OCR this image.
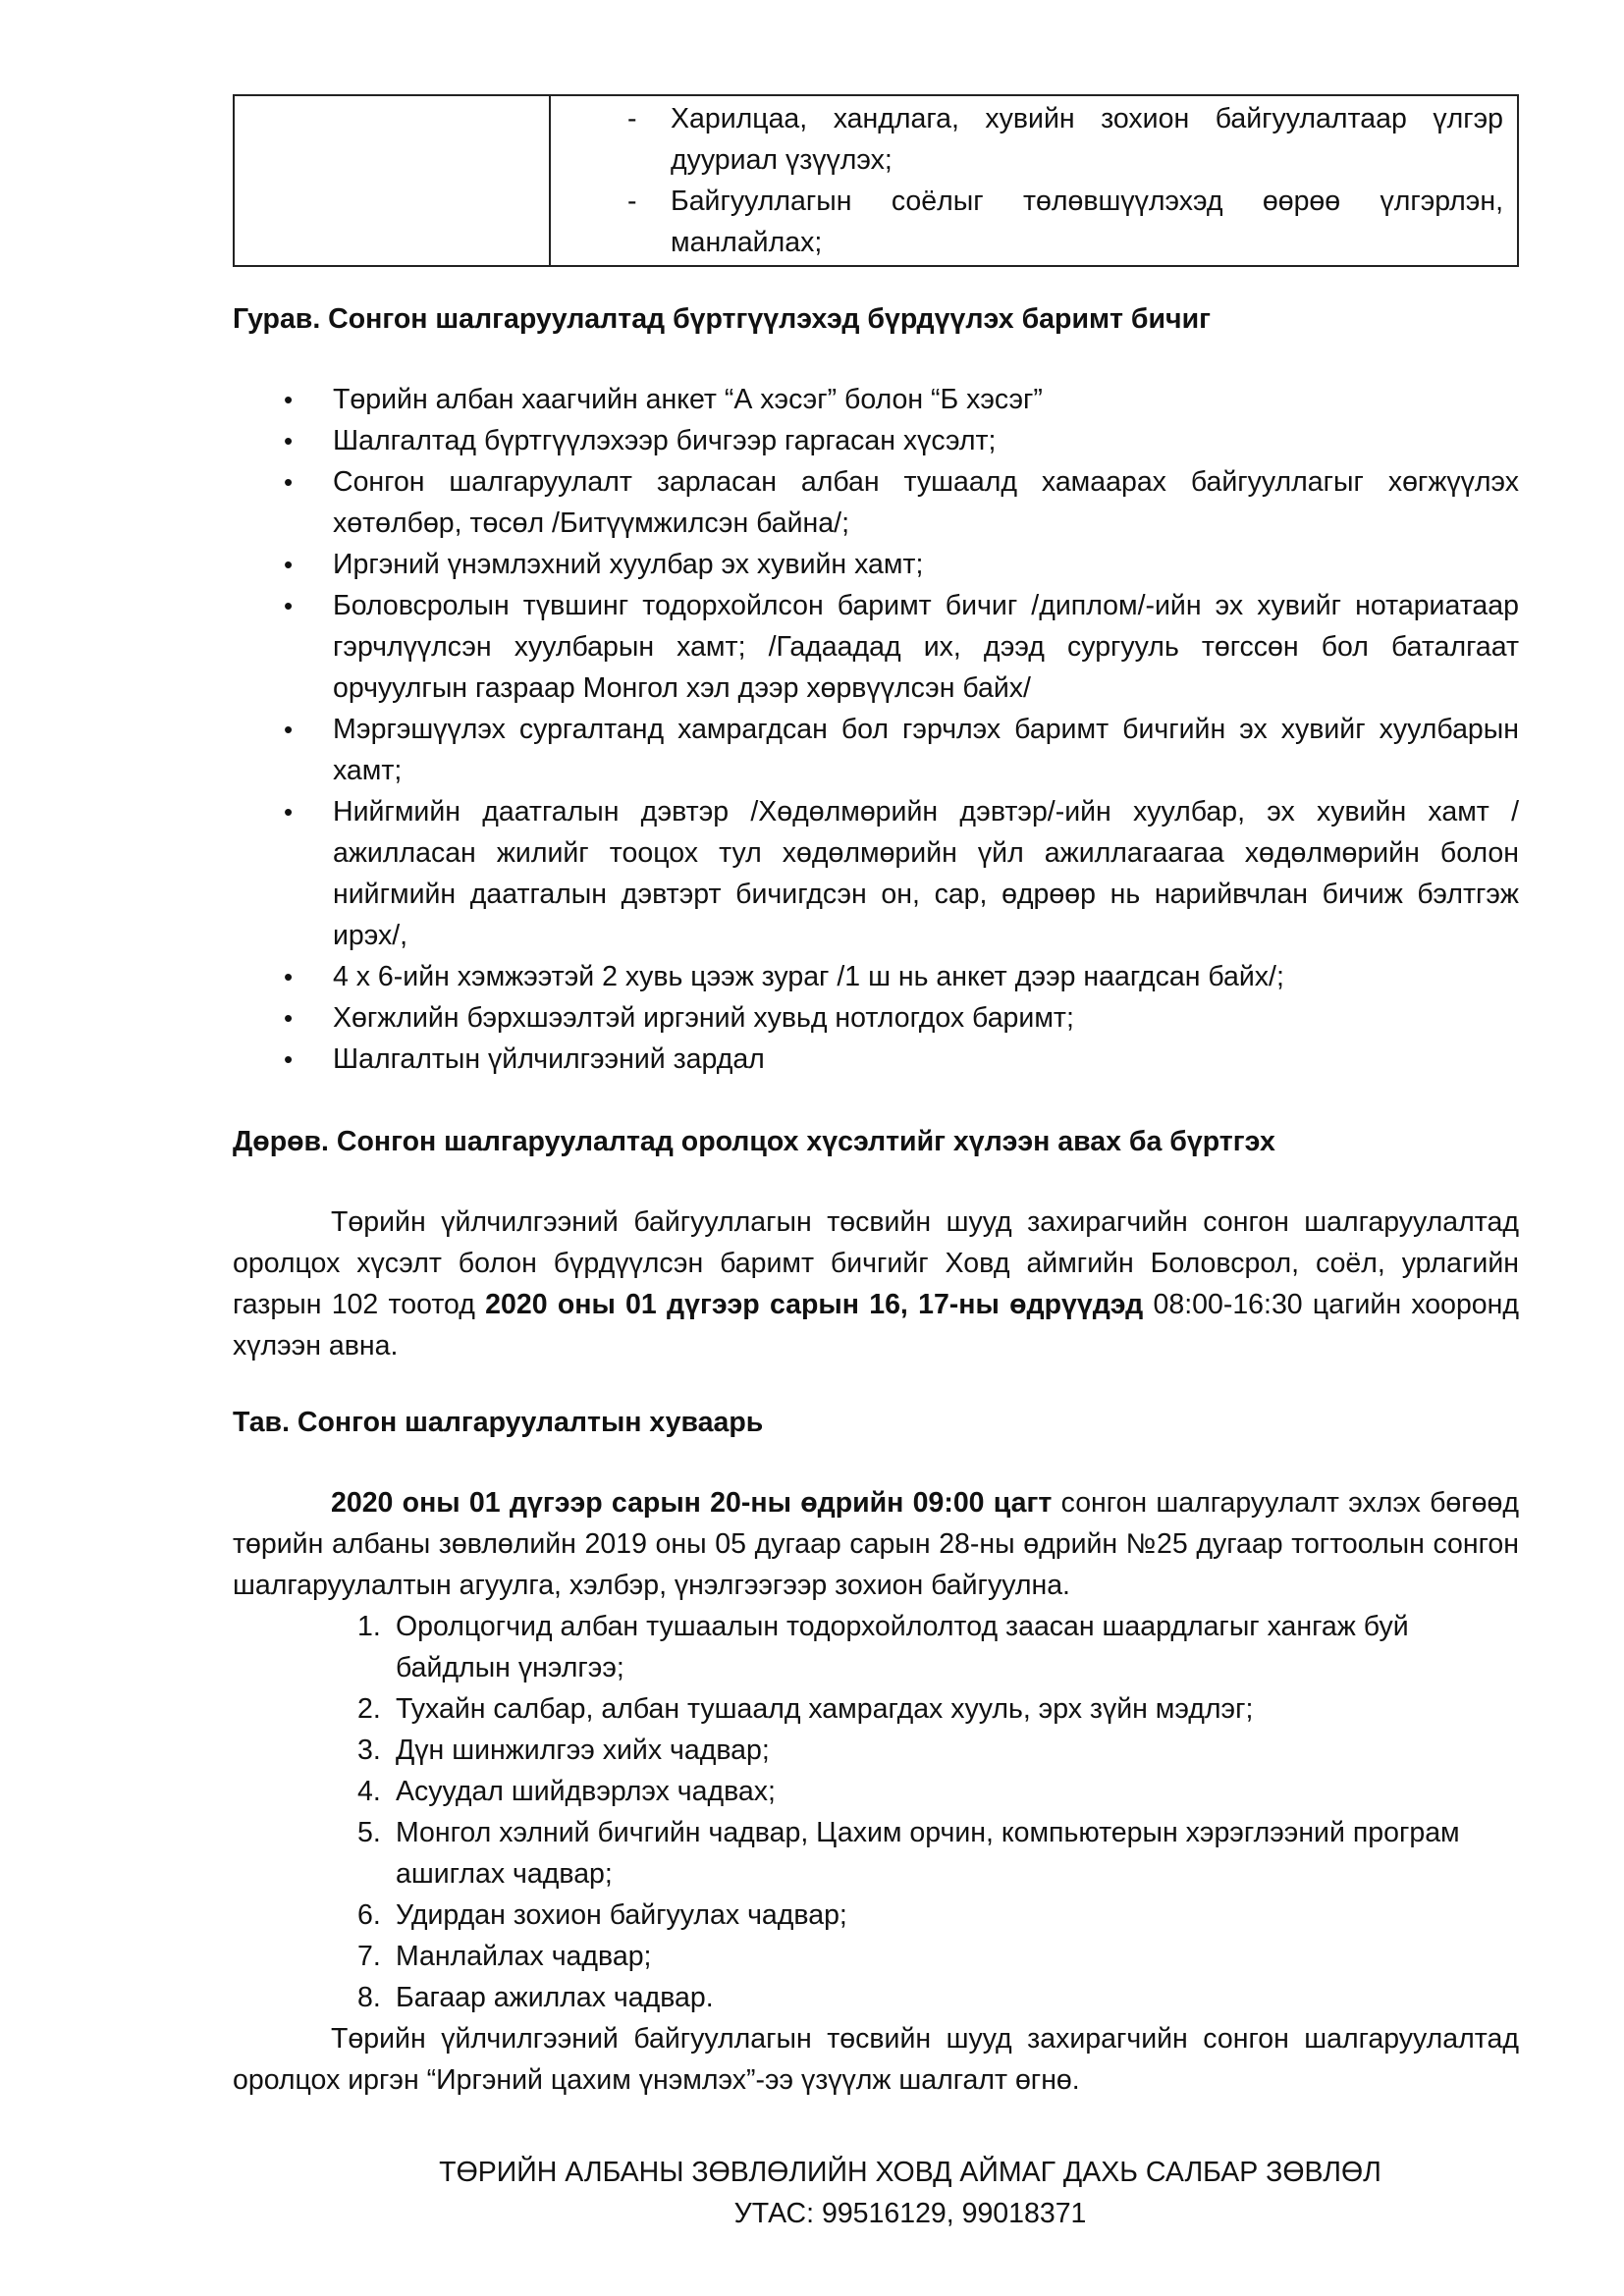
- Харилцаа, хандлага, хувийн зохион байгуулалтаар үлгэр дууриал үзүүлэх;
- Байгууллагын соёлыг төлөвшүүлэхэд өөрөө үлгэрлэн, манлайлах;
Гурав. Сонгон шалгаруулалтад бүртгүүлэхэд бүрдүүлэх баримт бичиг
• Төрийн албан хаагчийн анкет “А хэсэг” болон “Б хэсэг”
• Шалгалтад бүртгүүлэхээр бичгээр гаргасан хүсэлт;
• Сонгон шалгаруулалт зарласан албан тушаалд хамаарах байгууллагыг хөгжүүлэх хөтөлбөр, төсөл /Битүүмжилсэн байна/;
• Иргэний үнэмлэхний хуулбар эх хувийн хамт;
• Боловсролын түвшинг тодорхойлсон баримт бичиг /диплом/-ийн эх хувийг нотариатаар гэрчлүүлсэн хуулбарын хамт; /Гадаадад их, дээд сургууль төгссөн бол баталгаат орчуулгын газраар Монгол хэл дээр хөрвүүлсэн байх/
• Мэргэшүүлэх сургалтанд хамрагдсан бол гэрчлэх баримт бичгийн эх хувийг хуулбарын хамт;
• Нийгмийн даатгалын дэвтэр /Хөдөлмөрийн дэвтэр/-ийн хуулбар, эх хувийн хамт /ажилласан жилийг тооцох тул хөдөлмөрийн үйл ажиллагаагаа хөдөлмөрийн болон нийгмийн даатгалын дэвтэрт бичигдсэн он, сар, өдрөөр нь нарийвчлан бичиж бэлтгэж ирэх/,
• 4 х 6-ийн хэмжээтэй 2 хувь цээж зураг /1 ш нь анкет дээр наагдсан байх/;
• Хөгжлийн бэрхшээлтэй иргэний хувьд нотлогдох баримт;
• Шалгалтын үйлчилгээний зардал
Дөрөв. Сонгон шалгаруулалтад оролцох хүсэлтийг хүлээн авах ба бүртгэх

Төрийн үйлчилгээний байгууллагын төсвийн шууд захирагчийн сонгон шалгаруулалтад оролцох хүсэлт болон бүрдүүлсэн баримт бичгийг Ховд аймгийн Боловсрол, соёл, урлагийн газрын 102 тоотод 2020 оны 01 дүгээр сарын 16, 17-ны өдрүүдэд 08:00-16:30 цагийн хооронд хүлээн авна.

Тав. Сонгон шалгаруулалтын хуваарь

2020 оны 01 дүгээр сарын 20-ны өдрийн 09:00 цагт сонгон шалгаруулалт эхлэх бөгөөд төрийн албаны зөвлөлийн 2019 оны 05 дугаар сарын 28-ны өдрийн №25 дугаар тогтоолын сонгон шалгаруулалтын агуулга, хэлбэр, үнэлгээгээр зохион байгуулна.

1. Оролцогчид албан тушаалын тодорхойлолтод заасан шаардлагыг хангаж буй байдлын үнэлгээ;
2. Тухайн салбар, албан тушаалд хамрагдах хууль, эрх зүйн мэдлэг;
3. Дүн шинжилгээ хийх чадвар;
4. Асуудал шийдвэрлэх чадвах;
5. Монгол хэлний бичгийн чадвар, Цахим орчин, компьютерын хэрэглээний програм ашиглах чадвар;
6. Удирдан зохион байгуулах чадвар;
7. Манлайлах чадвар;
8. Багаар ажиллах чадвар.

Төрийн үйлчилгээний байгууллагын төсвийн шууд захирагчийн сонгон шалгаруулалтад оролцох иргэн “Иргэний цахим үнэмлэх”-ээ үзүүлж шалгалт өгнө.

ТӨРИЙН АЛБАНЫ ЗӨВЛӨЛИЙН ХОВД АЙМАГ ДАХЬ САЛБАР ЗӨВЛӨЛ
УТАС: 99516129, 99018371
